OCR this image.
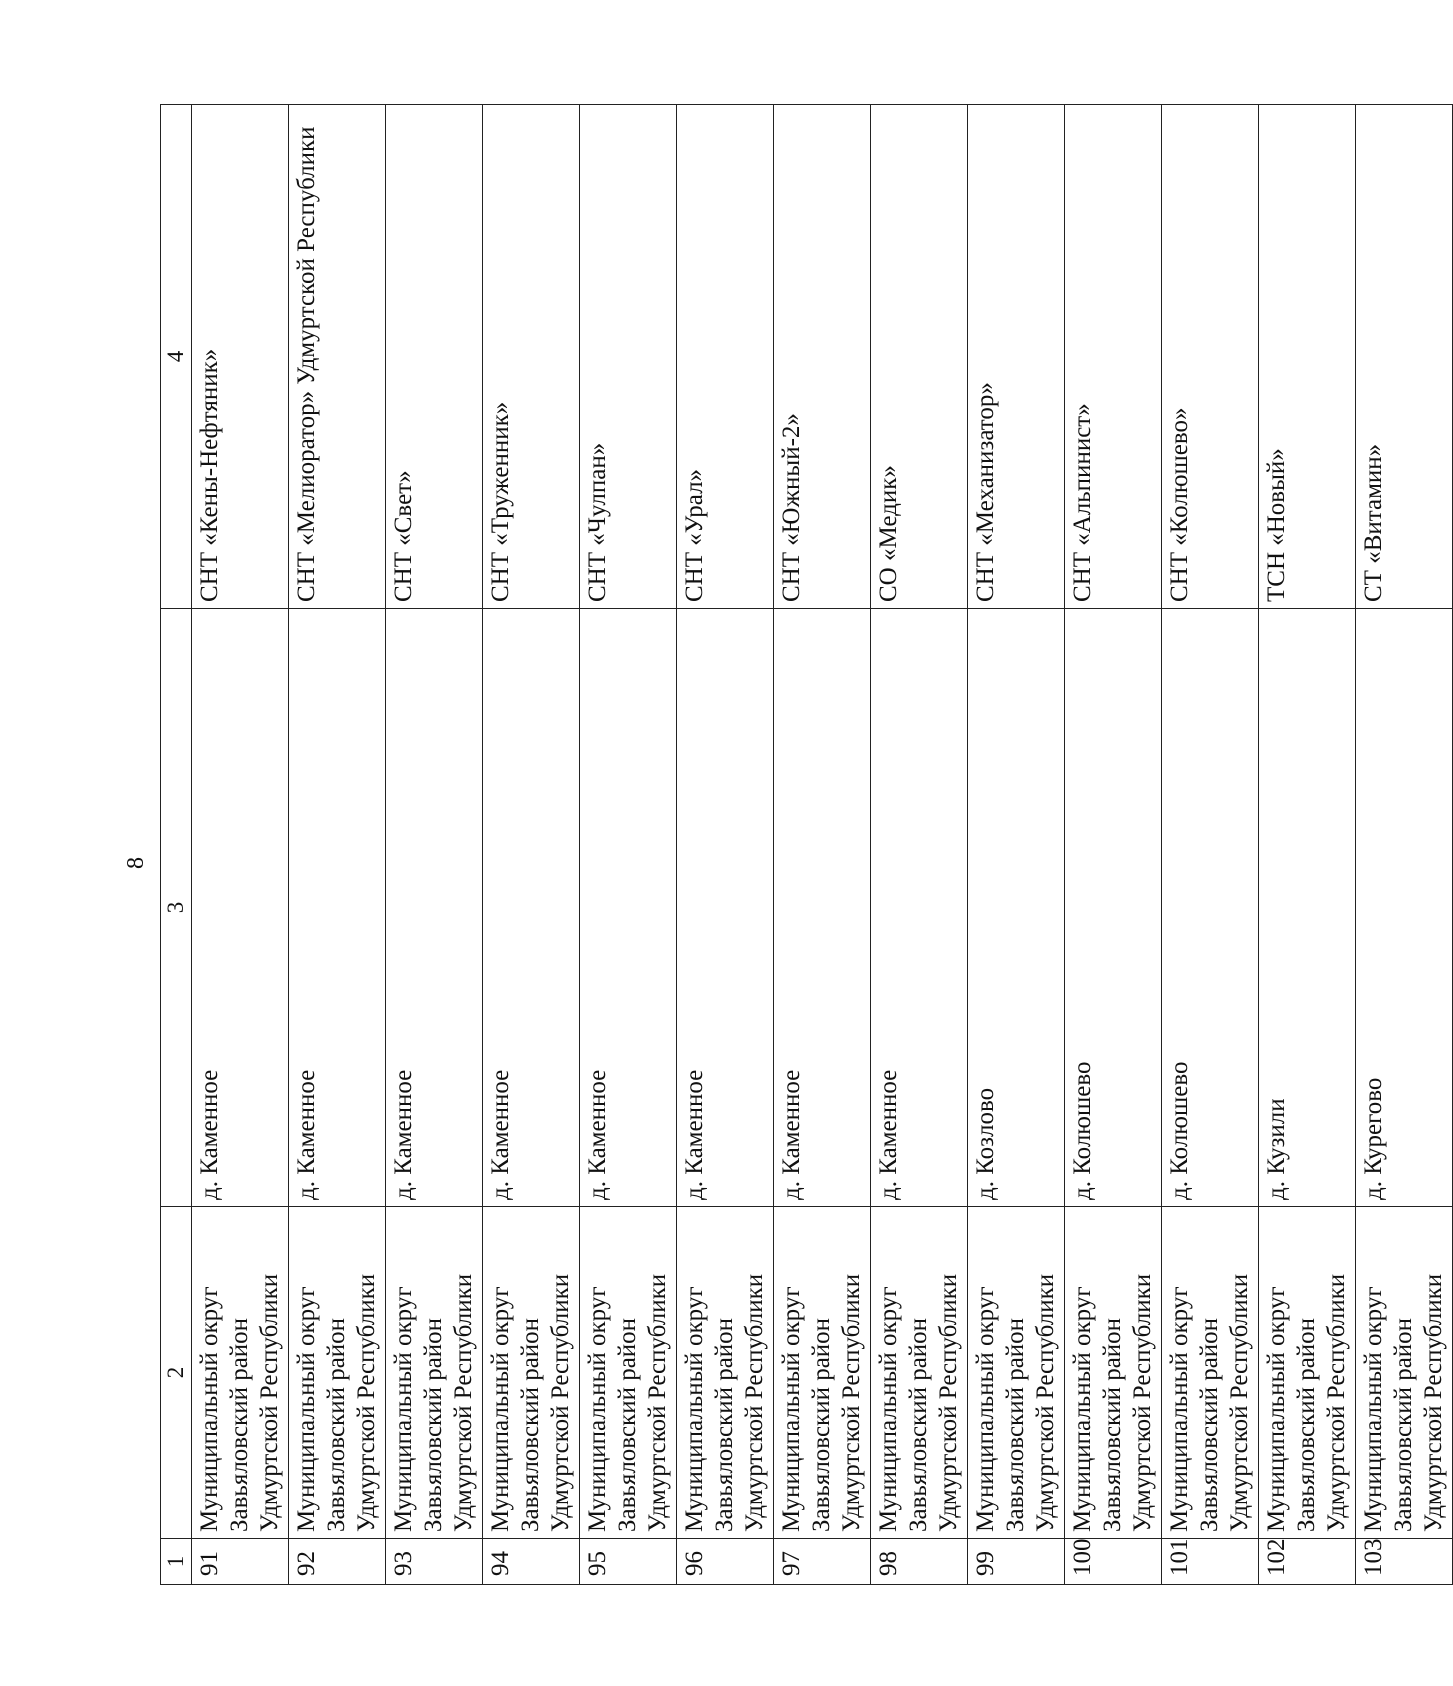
8
1	2	3	4
91	Муниципальный округ Завьяловский район Удмуртской Республики	д. Каменное	СНТ «Кены-Нефтяник»
92	Муниципальный округ Завьяловский район Удмуртской Республики	д. Каменное	СНТ «Мелиоратор» Удмуртской Республики
93	Муниципальный округ Завьяловский район Удмуртской Республики	д. Каменное	СНТ «Свет»
94	Муниципальный округ Завьяловский район Удмуртской Республики	д. Каменное	СНТ «Труженник»
95	Муниципальный округ Завьяловский район Удмуртской Республики	д. Каменное	СНТ «Чулпан»
96	Муниципальный округ Завьяловский район Удмуртской Республики	д. Каменное	СНТ «Урал»
97	Муниципальный округ Завьяловский район Удмуртской Республики	д. Каменное	СНТ «Южный-2»
98	Муниципальный округ Завьяловский район Удмуртской Республики	д. Каменное	СО «Медик»
99	Муниципальный округ Завьяловский район Удмуртской Республики	д. Козлово	СНТ «Механизатор»
100	Муниципальный округ Завьяловский район Удмуртской Республики	д. Колюшево	СНТ «Альпинист»
101	Муниципальный округ Завьяловский район Удмуртской Республики	д. Колюшево	СНТ «Колюшево»
102	Муниципальный округ Завьяловский район Удмуртской Республики	д. Кузили	ТСН «Новый»
103	Муниципальный округ Завьяловский район Удмуртской Республики	д. Курегово	СТ «Витамин»
